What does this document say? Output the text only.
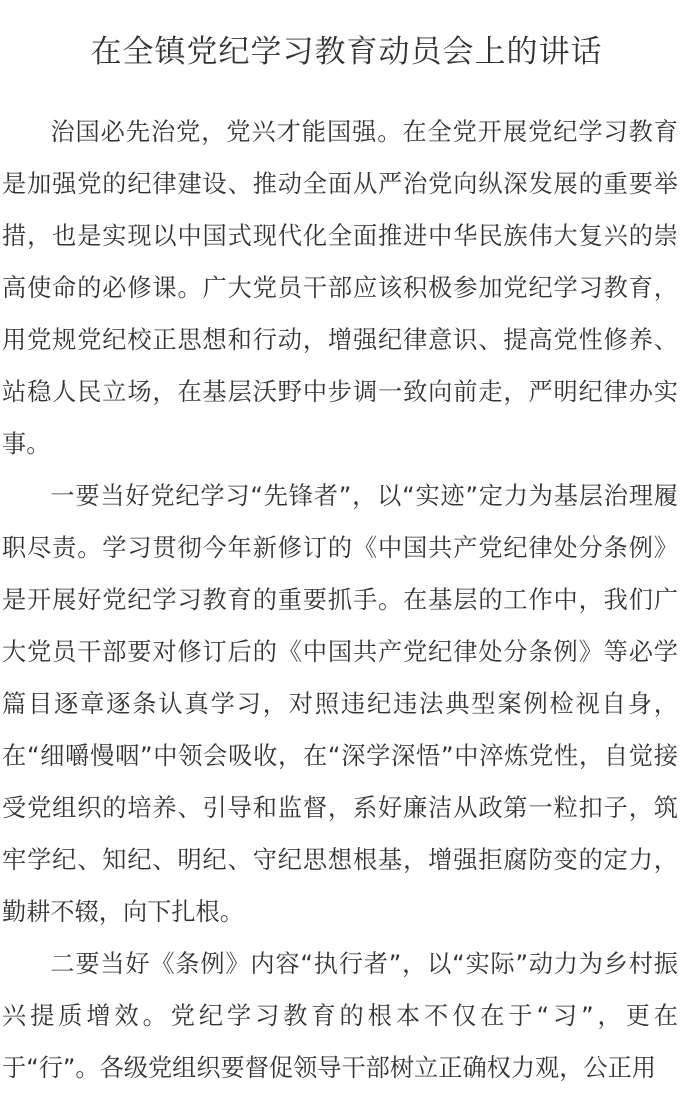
在全镇党纪学习教育动员会上的讲话

治国必先治党，党兴才能国强。在全党开展党纪学习教育是加强党的纪律建设、推动全面从严治党向纵深发展的重要举措，也是实现以中国式现代化全面推进中华民族伟大复兴的崇高使命的必修课。广大党员干部应该积极参加党纪学习教育，用党规党纪校正思想和行动，增强纪律意识、提高党性修养、站稳人民立场，在基层沃野中步调一致向前走，严明纪律办实事。

一要当好党纪学习“先锋者”，以“实迹”定力为基层治理履职尽责。学习贯彻今年新修订的《中国共产党纪律处分条例》是开展好党纪学习教育的重要抓手。在基层的工作中，我们广大党员干部要对修订后的《中国共产党纪律处分条例》等必学篇目逐章逐条认真学习，对照违纪违法典型案例检视自身，在“细嚼慢咽”中领会吸收，在“深学深悟”中淬炼党性，自觉接受党组织的培养、引导和监督，系好廉洁从政第一粒扣子，筑牢学纪、知纪、明纪、守纪思想根基，增强拒腐防变的定力，勤耕不辍，向下扎根。

二要当好《条例》内容“执行者”，以“实际”动力为乡村振兴提质增效。党纪学习教育的根本不仅在于“习”，更在于“行”。各级党组织要督促领导干部树立正确权力观，公正用
